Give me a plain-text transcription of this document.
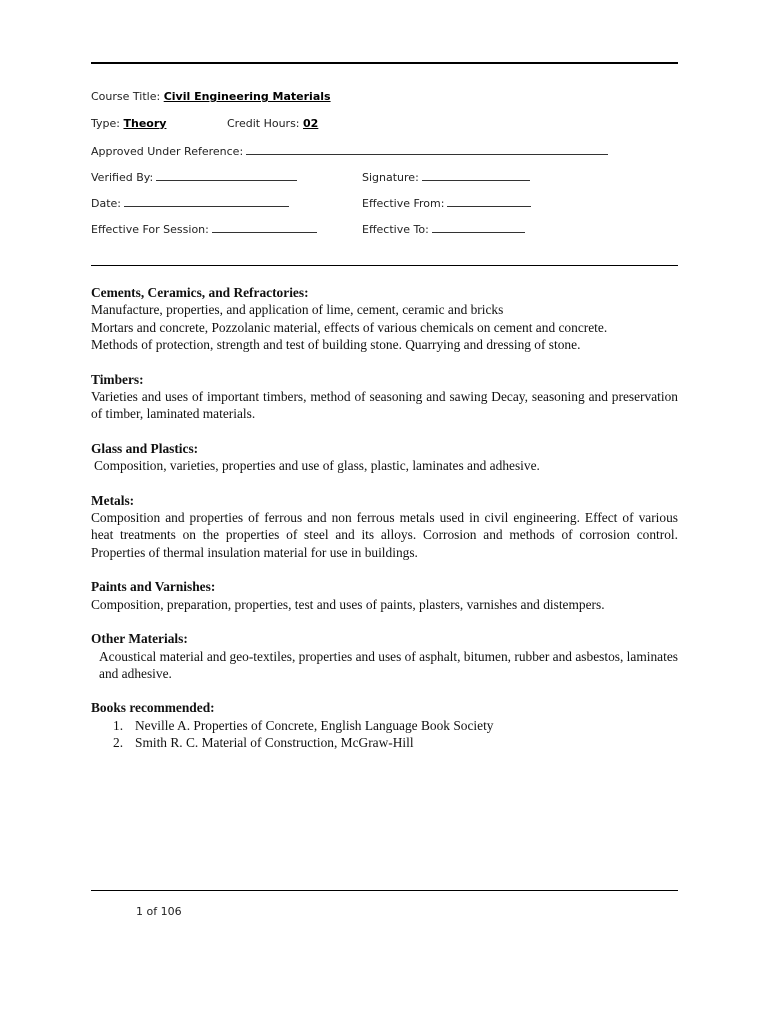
Course Title: Civil Engineering Materials
Type: Theory	Credit Hours: 02
Approved Under Reference:
Verified By:	Signature:
Date:	Effective From:
Effective For Session:	Effective To:
Cements, Ceramics, and Refractories:

Manufacture, properties, and application of lime, cement, ceramic and bricks

Mortars and concrete, Pozzolanic material, effects of various chemicals on cement and concrete.

Methods of protection, strength and test of building stone. Quarrying and dressing of stone.

Timbers:

Varieties and uses of important timbers, method of seasoning and sawing Decay, seasoning and preservation of timber, laminated materials.

Glass and Plastics:

Composition, varieties, properties and use of glass, plastic, laminates and adhesive.

Metals:

Composition and properties of ferrous and non ferrous metals used in civil engineering. Effect of various heat treatments on the properties of steel and its alloys. Corrosion and methods of corrosion control. Properties of thermal insulation material for use in buildings.

Paints and Varnishes:

Composition, preparation, properties, test and uses of paints, plasters, varnishes and distempers.

Other Materials:

Acoustical material and geo-textiles, properties and uses of asphalt, bitumen, rubber and asbestos, laminates and adhesive.

Books recommended:
1. Neville A. Properties of Concrete, English Language Book Society
2. Smith R. C. Material of Construction, McGraw-Hill
1 of 106
